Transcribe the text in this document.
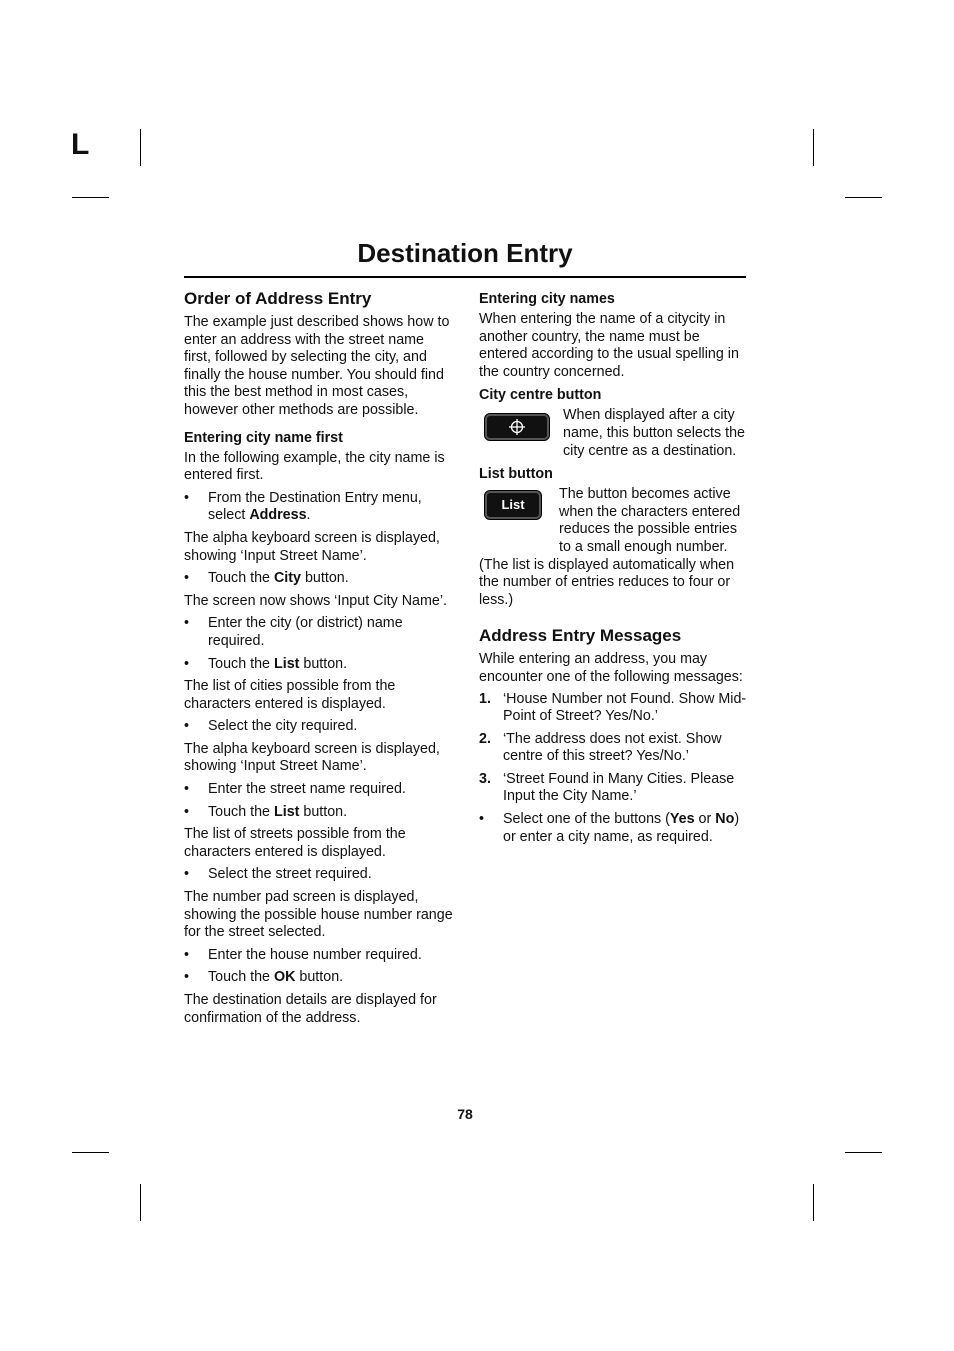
L
Destination Entry
Order of Address Entry

The example just described shows how to enter an address with the street name first, followed by selecting the city, and finally the house number. You should find this the best method in most cases, however other methods are possible.

Entering city name first

In the following example, the city name is entered first.

• From the Destination Entry menu, select Address.

The alpha keyboard screen is displayed, showing ‘Input Street Name’.

• Touch the City button.

The screen now shows ‘Input City Name’.

• Enter the city (or district) name required.
• Touch the List button.

The list of cities possible from the characters entered is displayed.

• Select the city required.

The alpha keyboard screen is displayed, showing ‘Input Street Name’.

• Enter the street name required.
• Touch the List button.

The list of streets possible from the characters entered is displayed.

• Select the street required.

The number pad screen is displayed, showing the possible house number range for the street selected.

• Enter the house number required.
• Touch the OK button.

The destination details are displayed for confirmation of the address.

Entering city names

When entering the name of a citycity in another country, the name must be entered according to the usual spelling in the country concerned.

City centre button

When displayed after a city name, this button selects the city centre as a destination.

List button
List

The button becomes active when the characters entered reduces the possible entries to a small enough number.

(The list is displayed automatically when the number of entries reduces to four or less.)

Address Entry Messages

While entering an address, you may encounter one of the following messages:

1. ‘House Number not Found. Show Mid-Point of Street? Yes/No.’
2. ‘The address does not exist. Show centre of this street? Yes/No.’
3. ‘Street Found in Many Cities. Please Input the City Name.’
• Select one of the buttons (Yes or No) or enter a city name, as required.
78
